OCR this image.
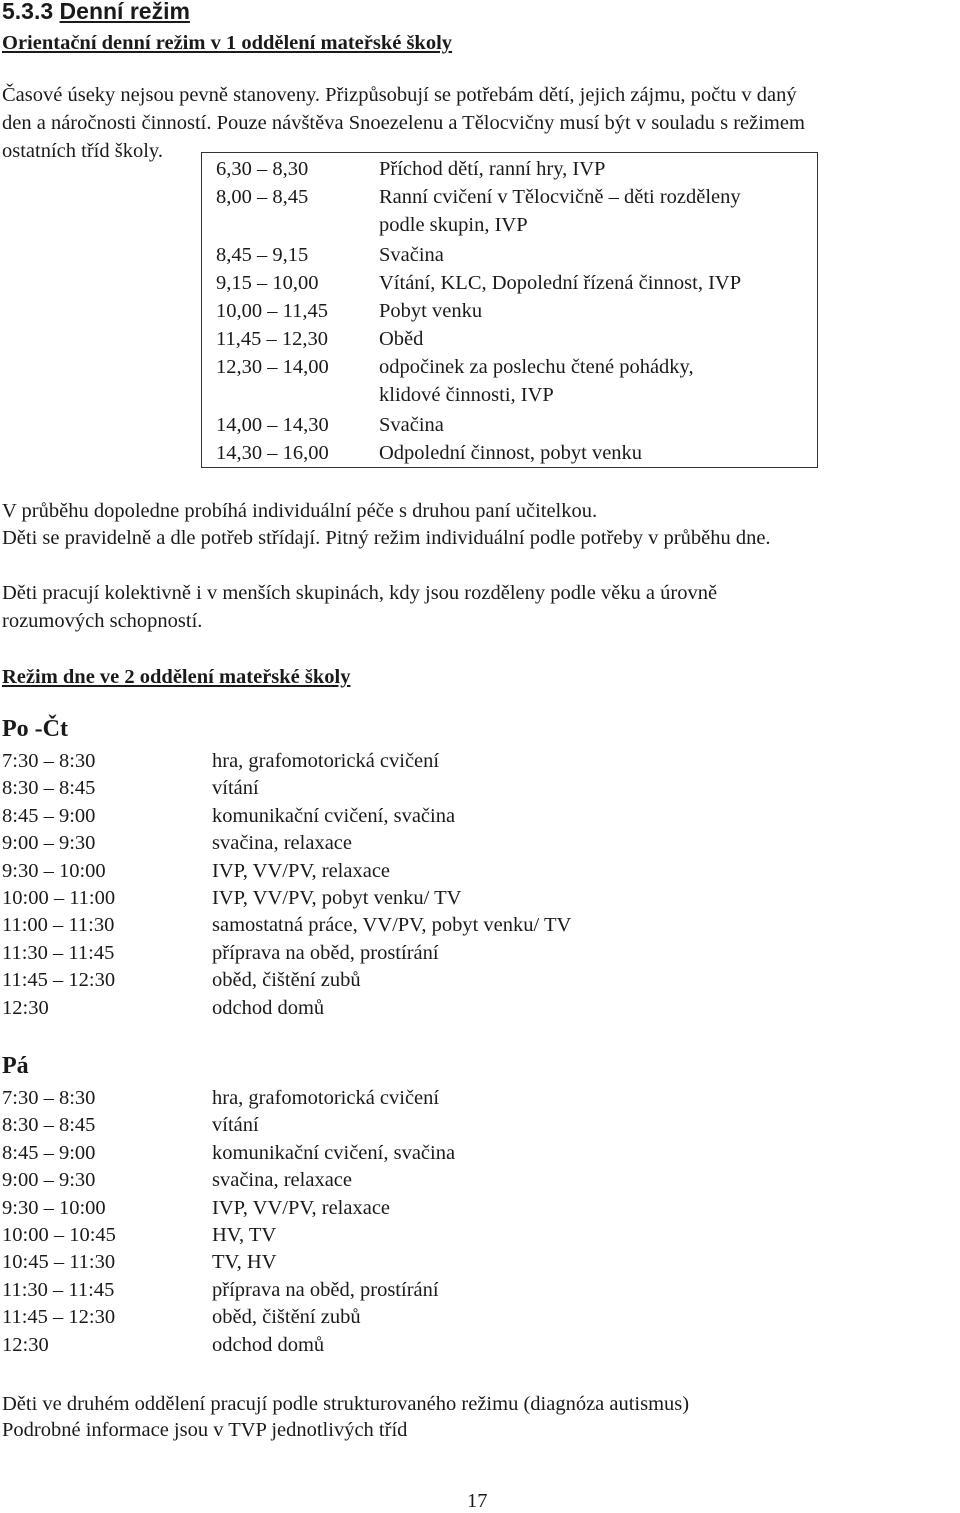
5.3.3 Denní režim
Orientační denní režim v 1 oddělení mateřské školy
Časové úseky nejsou pevně stanoveny. Přizpůsobují se potřebám dětí, jejich zájmu, počtu v daný
den a náročnosti činností. Pouze návštěva Snoezelenu a Tělocvičny musí být v souladu s režimem
ostatních tříd školy.
6,30 – 8,30	Příchod dětí, ranní hry, IVP
8,00 – 8,45	Ranní cvičení v Tělocvičně – děti rozděleny
podle skupin, IVP
8,45 – 9,15	Svačina
9,15 – 10,00	Vítání, KLC, Dopolední řízená činnost, IVP
10,00 – 11,45	Pobyt venku
11,45 – 12,30	Oběd
12,30 – 14,00	odpočinek za poslechu čtené pohádky,
klidové činnosti, IVP
14,00 – 14,30	Svačina
14,30 – 16,00	Odpolední činnost, pobyt venku
V průběhu dopoledne probíhá individuální péče s druhou paní učitelkou.
Děti se pravidelně a dle potřeb střídají. Pitný režim individuální podle potřeby v průběhu dne.
Děti pracují kolektivně i v menších skupinách, kdy jsou rozděleny podle věku a úrovně
rozumových schopností.
Režim dne ve 2 oddělení mateřské školy
Po -Čt
7:30 – 8:30	hra, grafomotorická cvičení
8:30 – 8:45	vítání
8:45 – 9:00	komunikační cvičení, svačina
9:00 – 9:30	svačina, relaxace
9:30 – 10:00	IVP, VV/PV, relaxace
10:00 – 11:00	IVP, VV/PV, pobyt venku/ TV
11:00 – 11:30	samostatná práce, VV/PV, pobyt venku/ TV
11:30 – 11:45	příprava na oběd, prostírání
11:45 – 12:30	oběd, čištění zubů
12:30	odchod domů
Pá
7:30 – 8:30	hra, grafomotorická cvičení
8:30 – 8:45	vítání
8:45 – 9:00	komunikační cvičení, svačina
9:00 – 9:30	svačina, relaxace
9:30 – 10:00	IVP, VV/PV, relaxace
10:00 – 10:45	HV, TV
10:45 – 11:30	TV, HV
11:30 – 11:45	příprava na oběd, prostírání
11:45 – 12:30	oběd, čištění zubů
12:30	odchod domů
Děti ve druhém oddělení pracují podle strukturovaného režimu (diagnóza autismus)
Podrobné informace jsou v TVP jednotlivých tříd
17
